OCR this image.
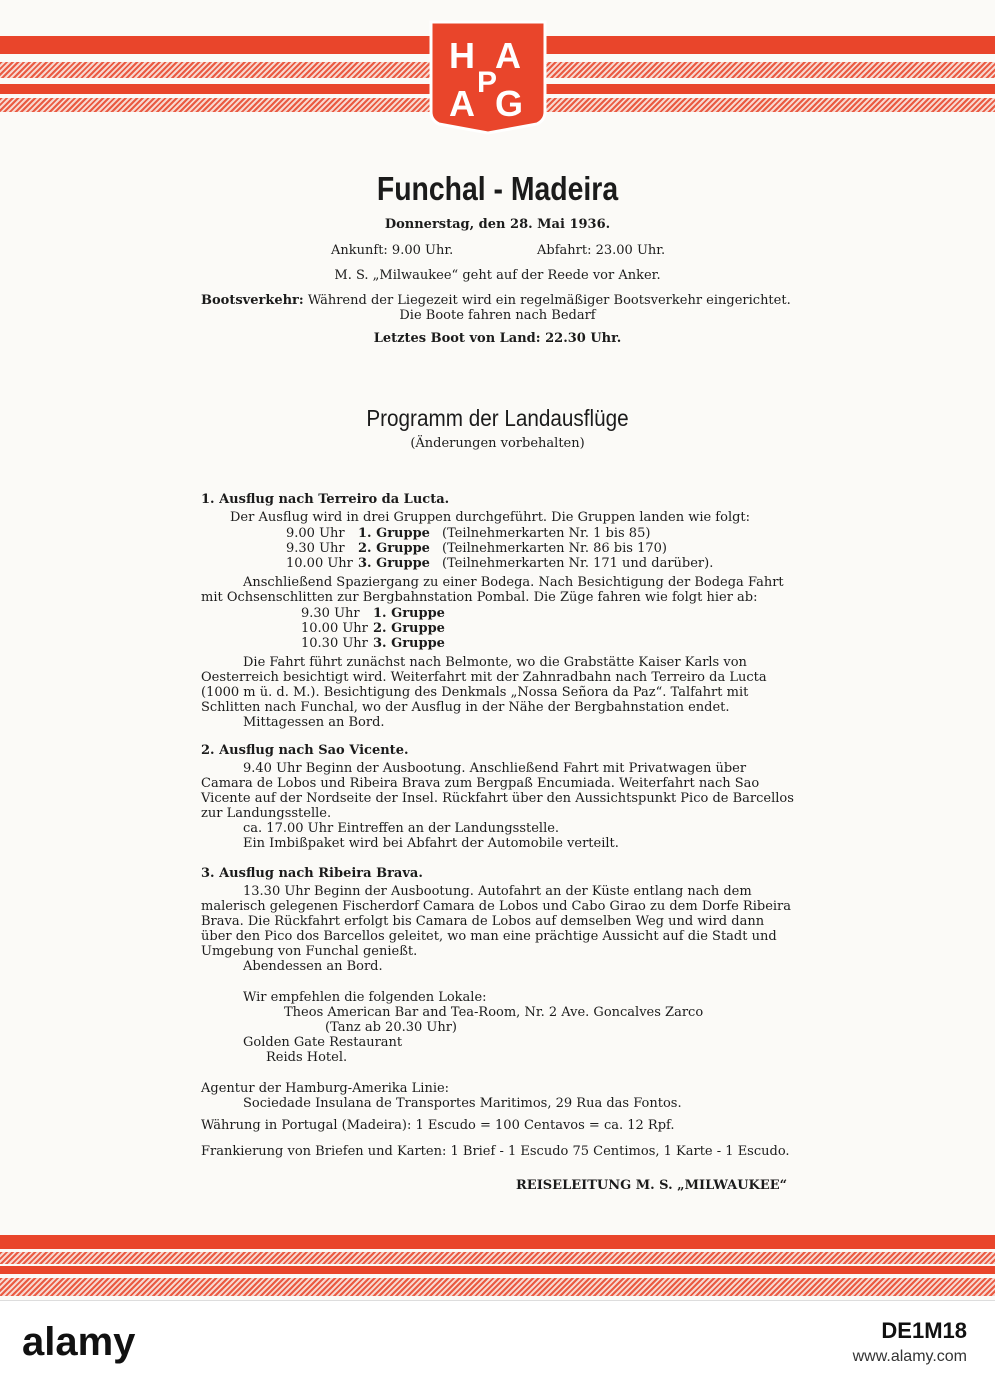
H A
P
A G
Funchal - Madeira
Donnerstag, den 28. Mai 1936.
Ankunft: 9.00 Uhr.	Abfahrt: 23.00 Uhr.
M. S. „Milwaukee“ geht auf der Reede vor Anker.
Bootsverkehr: Während der Liegezeit wird ein regelmäßiger Bootsverkehr eingerichtet.
Die Boote fahren nach Bedarf
Letztes Boot von Land: 22.30 Uhr.
Programm der Landausflüge
(Änderungen vorbehalten)
1. Ausflug nach Terreiro da Lucta.
Der Ausflug wird in drei Gruppen durchgeführt. Die Gruppen landen wie folgt:
9.00 Uhr 1. Gruppe (Teilnehmerkarten Nr. 1 bis 85)
9.30 Uhr 2. Gruppe (Teilnehmerkarten Nr. 86 bis 170)
10.00 Uhr 3. Gruppe (Teilnehmerkarten Nr. 171 und darüber).
Anschließend Spaziergang zu einer Bodega. Nach Besichtigung der Bodega Fahrt
mit Ochsenschlitten zur Bergbahnstation Pombal. Die Züge fahren wie folgt hier ab:
9.30 Uhr 1. Gruppe
10.00 Uhr 2. Gruppe
10.30 Uhr 3. Gruppe
Die Fahrt führt zunächst nach Belmonte, wo die Grabstätte Kaiser Karls von
Oesterreich besichtigt wird. Weiterfahrt mit der Zahnradbahn nach Terreiro da Lucta
(1000 m ü. d. M.). Besichtigung des Denkmals „Nossa Señora da Paz“. Talfahrt mit
Schlitten nach Funchal, wo der Ausflug in der Nähe der Bergbahnstation endet.
Mittagessen an Bord.
2. Ausflug nach Sao Vicente.
9.40 Uhr Beginn der Ausbootung. Anschließend Fahrt mit Privatwagen über
Camara de Lobos und Ribeira Brava zum Bergpaß Encumiada. Weiterfahrt nach Sao
Vicente auf der Nordseite der Insel. Rückfahrt über den Aussichtspunkt Pico de Barcellos
zur Landungsstelle.
ca. 17.00 Uhr Eintreffen an der Landungsstelle.
Ein Imbißpaket wird bei Abfahrt der Automobile verteilt.
3. Ausflug nach Ribeira Brava.
13.30 Uhr Beginn der Ausbootung. Autofahrt an der Küste entlang nach dem
malerisch gelegenen Fischerdorf Camara de Lobos und Cabo Girao zu dem Dorfe Ribeira
Brava. Die Rückfahrt erfolgt bis Camara de Lobos auf demselben Weg und wird dann
über den Pico dos Barcellos geleitet, wo man eine prächtige Aussicht auf die Stadt und
Umgebung von Funchal genießt.
Abendessen an Bord.
Wir empfehlen die folgenden Lokale:
Theos American Bar and Tea-Room, Nr. 2 Ave. Goncalves Zarco
(Tanz ab 20.30 Uhr)
Golden Gate Restaurant
Reids Hotel.
Agentur der Hamburg-Amerika Linie:
Sociedade Insulana de Transportes Maritimos, 29 Rua das Fontos.
Währung in Portugal (Madeira): 1 Escudo = 100 Centavos = ca. 12 Rpf.
Frankierung von Briefen und Karten: 1 Brief - 1 Escudo 75 Centimos, 1 Karte - 1 Escudo.
REISELEITUNG M. S. „MILWAUKEE“
alamy	DE1M18
www.alamy.com
